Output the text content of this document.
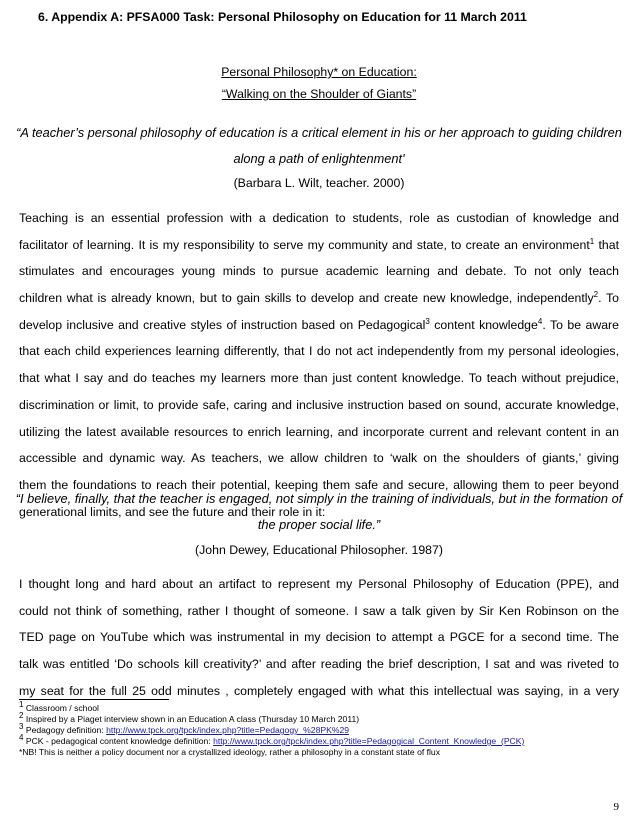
6. Appendix A: PFSA000 Task: Personal Philosophy on Education for 11 March 2011
Personal Philosophy* on Education:
“Walking on the Shoulder of Giants”
“A teacher’s personal philosophy of education is a critical element in his or her approach to guiding children
along a path of enlightenment'
(Barbara L. Wilt, teacher. 2000)
Teaching is an essential profession with a dedication to students, role as custodian of knowledge and
facilitator of learning. It is my responsibility to serve my community and state, to create an environment$^1$ that
stimulates and encourages young minds to pursue academic learning and debate. To not only teach
children what is already known, but to gain skills to develop and create new knowledge, independently$^2$. To
develop inclusive and creative styles of instruction based on Pedagogical$^3$ content knowledge$^4$. To be aware
that each child experiences learning differently, that I do not act independently from my personal ideologies,
that what I say and do teaches my learners more than just content knowledge. To teach without prejudice,
discrimination or limit, to provide safe, caring and inclusive instruction based on sound, accurate knowledge,
utilizing the latest available resources to enrich learning, and incorporate current and relevant content in an
accessible and dynamic way. As teachers, we allow children to ‘walk on the shoulders of giants,’ giving
them the foundations to reach their potential, keeping them safe and secure, allowing them to peer beyond
generational limits, and see the future and their role in it:
“I believe, finally, that the teacher is engaged, not simply in the training of individuals, but in the formation of
the proper social life.”
(John Dewey, Educational Philosopher. 1987)
I thought long and hard about an artifact to represent my Personal Philosophy of Education (PPE), and
could not think of something, rather I thought of someone. I saw a talk given by Sir Ken Robinson on the
TED page on YouTube which was instrumental in my decision to attempt a PGCE for a second time. The
talk was entitled ‘Do schools kill creativity?’ and after reading the brief description, I sat and was riveted to
my seat for the full 25 odd minutes , completely engaged with what this intellectual was saying, in a very
$^1$ Classroom / school
$^2$ Inspired by a Piaget interview shown in an Education A class (Thursday 10 March 2011)
$^3$ Pedagogy definition: http://www.tpck.org/tpck/index.php?title=Pedagogy_%28PK%29
$^4$ PCK - pedagogical content knowledge definition: http://www.tpck.org/tpck/index.php?title=Pedagogical_Content_Knowledge_(PCK)
*NB! This is neither a policy document nor a crystallized ideology, rather a philosophy in a constant state of flux
9
